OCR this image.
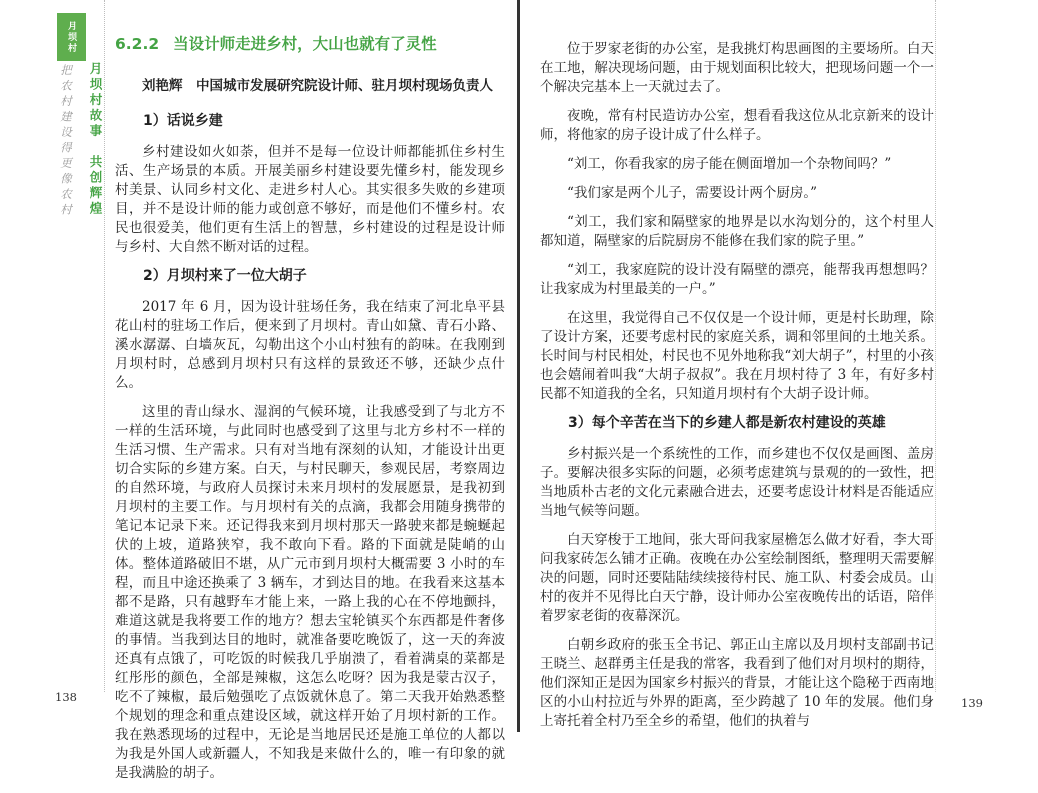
月坝村
月坝村故事　共创辉煌
把农村建设得更像农村
6.2.2 当设计师走进乡村，大山也就有了灵性
刘艳辉　中国城市发展研究院设计师、驻月坝村现场负责人
1）话说乡建

乡村建设如火如荼，但并不是每一位设计师都能抓住乡村生活、生产场景的本质。开展美丽乡村建设要先懂乡村，能发现乡村美景、认同乡村文化、走进乡村人心。其实很多失败的乡建项目，并不是设计师的能力或创意不够好，而是他们不懂乡村。农民也很爱美，他们更有生活上的智慧，乡村建设的过程是设计师与乡村、大自然不断对话的过程。

2）月坝村来了一位大胡子

2017 年 6 月，因为设计驻场任务，我在结束了河北阜平县花山村的驻场工作后，便来到了月坝村。青山如黛、青石小路、溪水潺潺、白墙灰瓦，勾勒出这个小山村独有的韵味。在我刚到月坝村时，总感到月坝村只有这样的景致还不够，还缺少点什么。

这里的青山绿水、湿润的气候环境，让我感受到了与北方不一样的生活环境，与此同时也感受到了这里与北方乡村不一样的生活习惯、生产需求。只有对当地有深刻的认知，才能设计出更切合实际的乡建方案。白天，与村民聊天，参观民居，考察周边的自然环境，与政府人员探讨未来月坝村的发展愿景，是我初到月坝村的主要工作。与月坝村有关的点滴，我都会用随身携带的笔记本记录下来。还记得我来到月坝村那天一路驶来都是蜿蜒起伏的上坡，道路狭窄，我不敢向下看。路的下面就是陡峭的山体。整体道路破旧不堪，从广元市到月坝村大概需要 3 小时的车程，而且中途还换乘了 3 辆车，才到达目的地。在我看来这基本都不是路，只有越野车才能上来，一路上我的心在不停地颤抖，难道这就是我将要工作的地方？想去宝轮镇买个东西都是件奢侈的事情。当我到达目的地时，就准备要吃晚饭了，这一天的奔波还真有点饿了，可吃饭的时候我几乎崩溃了，看着满桌的菜都是红彤彤的颜色，全部是辣椒，这怎么吃呀？因为我是蒙古汉子，吃不了辣椒，最后勉强吃了点饭就休息了。第二天我开始熟悉整个规划的理念和重点建设区域，就这样开始了月坝村新的工作。我在熟悉现场的过程中，无论是当地居民还是施工单位的人都以为我是外国人或新疆人，不知我是来做什么的，唯一有印象的就是我满脸的胡子。

138

位于罗家老街的办公室，是我挑灯构思画图的主要场所。白天在工地，解决现场问题，由于规划面积比较大，把现场问题一个一个解决完基本上一天就过去了。

夜晚，常有村民造访办公室，想看看我这位从北京新来的设计师，将他家的房子设计成了什么样子。

“刘工，你看我家的房子能在侧面增加一个杂物间吗？”

“我们家是两个儿子，需要设计两个厨房。”

“刘工，我们家和隔壁家的地界是以水沟划分的，这个村里人都知道，隔壁家的后院厨房不能修在我们家的院子里。”

“刘工，我家庭院的设计没有隔壁的漂亮，能帮我再想想吗？让我家成为村里最美的一户。”

在这里，我觉得自己不仅仅是一个设计师，更是村长助理，除了设计方案，还要考虑村民的家庭关系，调和邻里间的土地关系。长时间与村民相处，村民也不见外地称我“刘大胡子”，村里的小孩也会嬉闹着叫我“大胡子叔叔”。我在月坝村待了 3 年，有好多村民都不知道我的全名，只知道月坝村有个大胡子设计师。

3）每个辛苦在当下的乡建人都是新农村建设的英雄

乡村振兴是一个系统性的工作，而乡建也不仅仅是画图、盖房子。要解决很多实际的问题，必须考虑建筑与景观的的一致性，把当地质朴古老的文化元素融合进去，还要考虑设计材料是否能适应当地气候等问题。

白天穿梭于工地间，张大哥问我家屋檐怎么做才好看，李大哥问我家砖怎么铺才正确。夜晚在办公室绘制图纸，整理明天需要解决的问题，同时还要陆陆续续接待村民、施工队、村委会成员。山村的夜并不见得比白天宁静，设计师办公室夜晚传出的话语，陪伴着罗家老街的夜幕深沉。

白朝乡政府的张玉全书记、郭正山主席以及月坝村支部副书记王晓兰、赵群勇主任是我的常客，我看到了他们对月坝村的期待，他们深知正是因为国家乡村振兴的背景，才能让这个隐秘于西南地区的小山村拉近与外界的距离，至少跨越了 10 年的发展。他们身上寄托着全村乃至全乡的希望，他们的执着与

139
